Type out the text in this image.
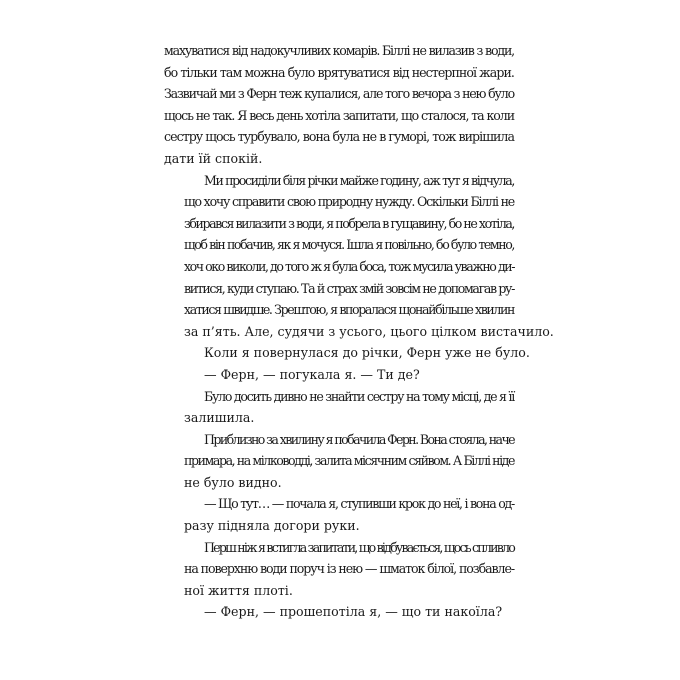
махуватися від надокучливих комарів. Біллі не вилазив з води,
бо тільки там можна було врятуватися від нестерпної жари.
Зазвичай ми з Ферн теж купалися, але того вечора з нею було
щось не так. Я весь день хотіла запитати, що сталося, та коли
сестру щось турбувало, вона була не в гуморі, тож вирішила
дати їй спокій.

Ми просиділи біля річки майже годину, аж тут я відчула,
що хочу справити свою природну нужду. Оскільки Біллі не
збирався вилазити з води, я побрела в гущавину, бо не хотіла,
щоб він побачив, як я мочуся. Ішла я повільно, бо було темно,
хоч око виколи, до того ж я була боса, тож мусила уважно ди-
витися, куди ступаю. Та й страх змій зовсім не допомагав ру-
хатися швидше. Зрештою, я впоралася щонайбільше хвилин
за п’ять. Але, судячи з усього, цього цілком вистачило.

Коли я повернулася до річки, Ферн уже не було.

— Ферн, — погукала я. — Ти де?

Було досить дивно не знайти сестру на тому місці, де я її
залишила.

Приблизно за хвилину я побачила Ферн. Вона стояла, наче
примара, на мілководді, залита місячним сяйвом. А Біллі ніде
не було видно.

— Що тут… — почала я, ступивши крок до неї, і вона од-
разу підняла догори руки.

Перш ніж я встигла запитати, що відбувається, щось спливло
на поверхню води поруч із нею — шматок білої, позбавле-
ної життя плоті.

— Ферн, — прошепотіла я, — що ти накоїла?
